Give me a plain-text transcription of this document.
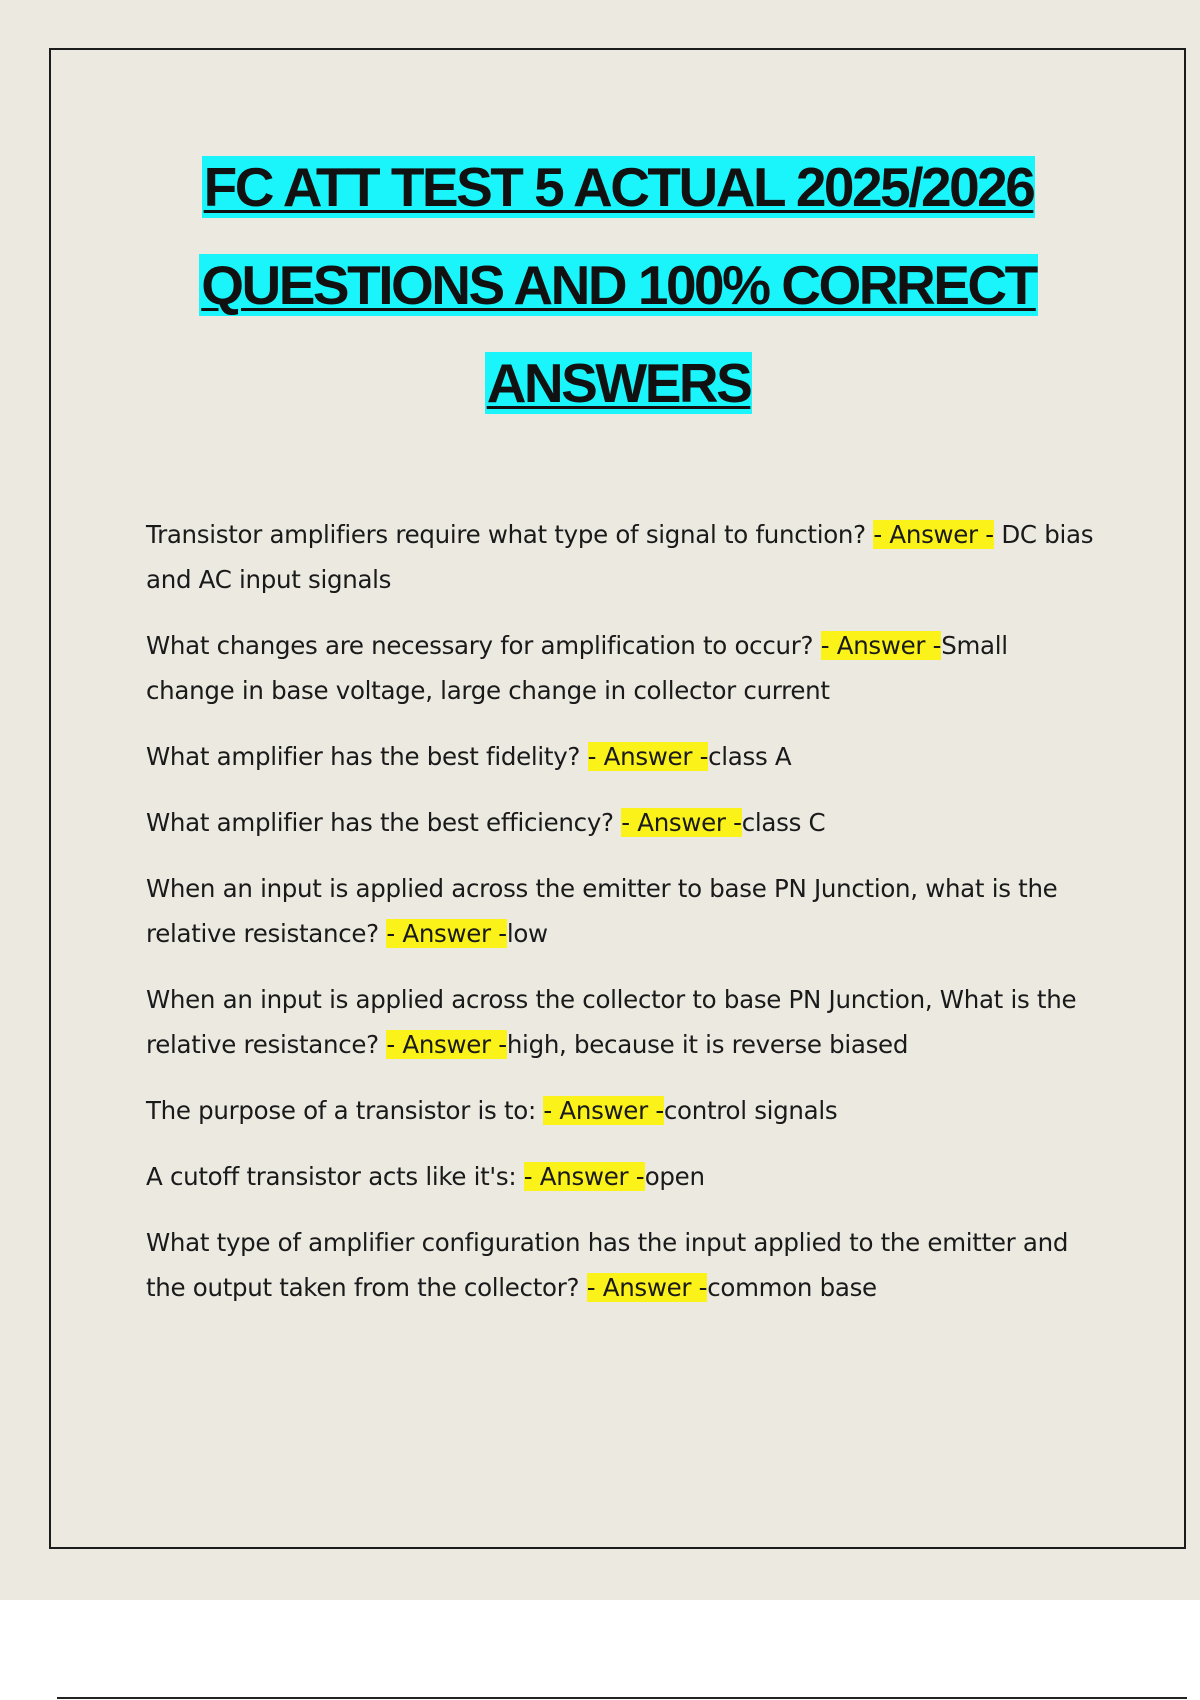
FC ATT TEST 5 ACTUAL 2025/2026
QUESTIONS AND 100% CORRECT
ANSWERS
Transistor amplifiers require what type of signal to function? - Answer - DC bias and AC input signals
What changes are necessary for amplification to occur? - Answer -Small change in base voltage, large change in collector current
What amplifier has the best fidelity? - Answer -class A
What amplifier has the best efficiency? - Answer -class C
When an input is applied across the emitter to base PN Junction, what is the relative resistance? - Answer -low
When an input is applied across the collector to base PN Junction, What is the relative resistance? - Answer -high, because it is reverse biased
The purpose of a transistor is to: - Answer -control signals
A cutoff transistor acts like it's: - Answer -open
What type of amplifier configuration has the input applied to the emitter and the output taken from the collector? - Answer -common base
